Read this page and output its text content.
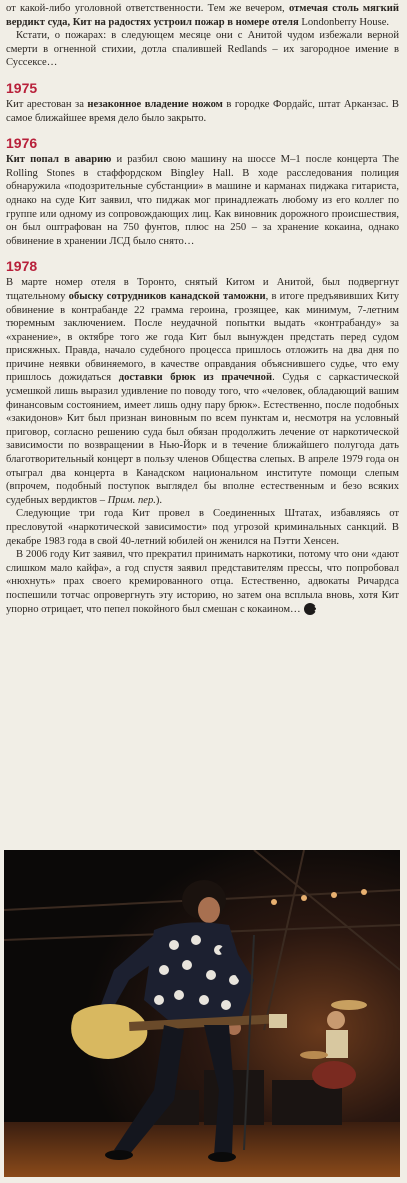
от какой-либо уголовной ответственности. Тем же вечером, отмечая столь мягкий вердикт суда, Кит на радостях устроил пожар в номере отеля Londonberry House.

Кстати, о пожарах: в следующем месяце они с Анитой чудом избежали верной смерти в огненной стихии, дотла спалившей Redlands – их загородное имение в Суссексе…

1975

Кит арестован за незаконное владение ножом в городке Фордайс, штат Арканзас. В самое ближайшее время дело было закрыто.

1976

Кит попал в аварию и разбил свою машину на шоссе М–1 после концерта The Rolling Stones в стаффордском Bingley Hall. В ходе расследования полиция обнаружила «подозрительные субстанции» в машине и карманах пиджака гитариста, однако на суде Кит заявил, что пиджак мог принадлежать любому из его коллег по группе или одному из сопровождающих лиц. Как виновник дорожного происшествия, он был оштрафован на 750 фунтов, плюс на 250 – за хранение кокаина, однако обвинение в хранении ЛСД было снято…

1978

В марте номер отеля в Торонто, снятый Китом и Анитой, был подвергнут тщательному обыску сотрудников канадской таможни, в итоге предъявивших Киту обвинение в контрабанде 22 грамма героина, грозящее, как минимум, 7-летним тюремным заключением. После неудачной попытки выдать «контрабанду» за «хранение», в октябре того же года Кит был вынужден предстать перед судом присяжных. Правда, начало судебного процесса пришлось отложить на два дня по причине неявки обвиняемого, в качестве оправдания объяснившего судье, что ему пришлось дожидаться доставки брюк из прачечной. Судья с саркастической усмешкой лишь выразил удивление по поводу того, что «человек, обладающий вашим финансовым состоянием, имеет лишь одну пару брюк». Естественно, после подобных «закидонов» Кит был признан виновным по всем пунктам и, несмотря на условный приговор, согласно решению суда был обязан продолжить лечение от наркотической зависимости по возвращении в Нью-Йорк и в течение ближайшего полугода дать благотворительный концерт в пользу членов Общества слепых. В апреле 1979 года он отыграл два концерта в Канадском национальном институте помощи слепым (впрочем, подобный поступок выглядел бы вполне естественным и безо всяких судебных вердиктов – Прим. пер.).

Следующие три года Кит провел в Соединенных Штатах, избавляясь от пресловутой «наркотической зависимости» под угрозой криминальных санкций. В декабре 1983 года в свой 40-летний юбилей он женился на Пэтти Хенсен.

В 2006 году Кит заявил, что прекратил принимать наркотики, потому что они «дают слишком мало кайфа», а год спустя заявил представителям прессы, что попробовал «нюхнуть» прах своего кремированного отца. Естественно, адвокаты Ричардса поспешили тотчас опровергнуть эту историю, но затем она всплыла вновь, хотя Кит упорно отрицает, что пепел покойного был смешан с кокаином… ✕
